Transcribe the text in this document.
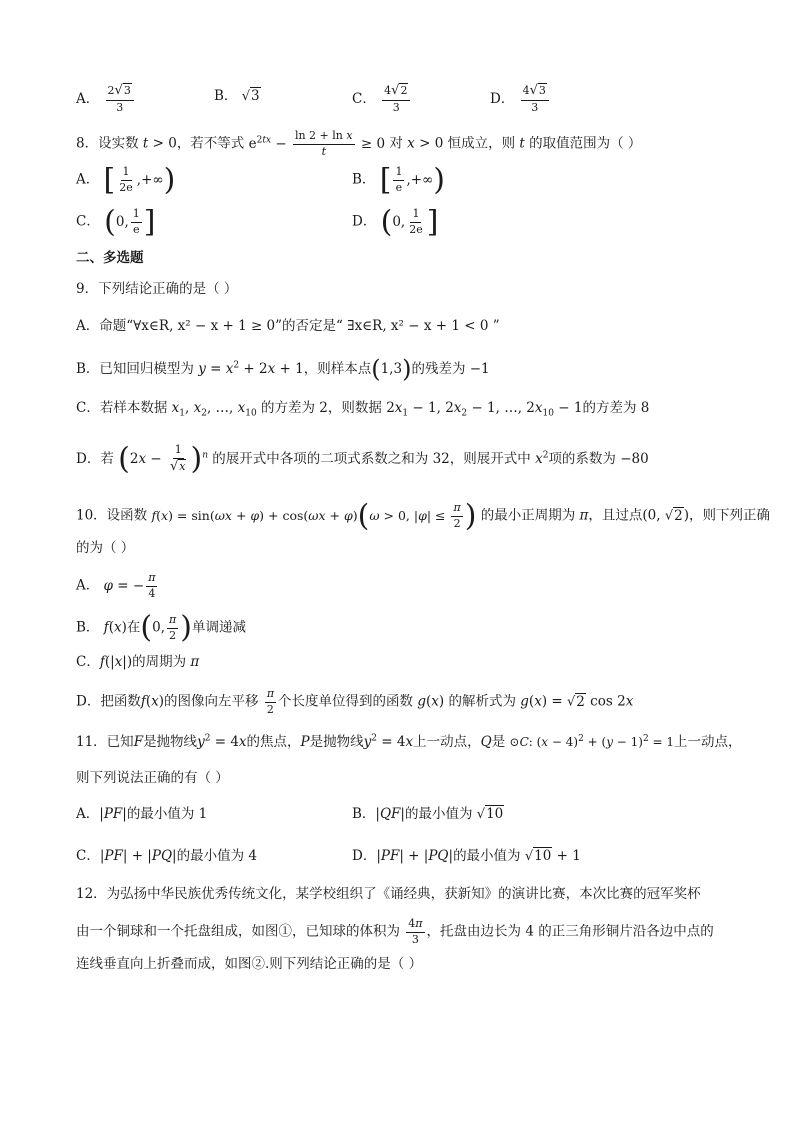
A． $\frac{2√3}{3}$	B． √3	C． $\frac{4√2}{3}$	D． $\frac{4√3}{3}$
8．设实数 t > 0，若不等式 $e^{2tx} - \frac{\text{ln 2 + ln x}}{t} \ge 0$ 对 x > 0 恒成立，则 t 的取值范围为（ ）
A． [ $\frac{1}{2e}$ ,+∞)	B． [ $\frac{1}{e}$ ,+∞)
C． (0, $\frac{1}{e}$ ]	D． (0, $\frac{1}{2e}$ ]
二、多选题
9．下列结论正确的是（ ）
A．命题“∀x∈R, x² − x + 1 ≥ 0”的否定是“ ∃x∈R, x² − x + 1 < 0 ”
B．已知回归模型为 $y = x^2 + 2x + 1$，则样本点(1,3)的残差为 −1
C．若样本数据 $x_1$, $x_2$, …, $x_{10}$ 的方差为 2，则数据 $2x_1 - 1$, $2x_2 - 1$, …, $2x_{10} - 1$的方差为 8
D．若 $(2x - \frac{1}{√x} )^n$ 的展开式中各项的二项式系数之和为 32，则展开式中 $x^2$项的系数为 −80
10．设函数 f(x) = sin(ωx + φ) + cos(ωx + φ)(ω > 0, $|\varphi| \le \frac{\pi}{2}$ ) 的最小正周期为 π，且过点(0, √2)，则下列正确
的为（ ）
A． φ = − $\frac{\pi}{4}$
B． f(x)在(0, $\frac{\pi}{2}$ )单调递减
C．f(|x|)的周期为 π
D．把函数f(x)的图像向左平移 $\frac{\pi}{2}$ 个长度单位得到的函数 g(x) 的解析式为 g(x) = √2 cos 2x
11．已知F是抛物线$y^2 = 4x$的焦点，P是抛物线$y^2 = 4x$上一动点，Q是 ⊙C: $(x - 4)^2 + (y - 1)^2 = 1$上一动点，
则下列说法正确的有（ ）
A．|PF|的最小值为 1	B．|QF|的最小值为 √10
C．|PF| + |PQ|的最小值为 4	D．|PF| + |PQ|的最小值为 √10 + 1
12．为弘扬中华民族优秀传统文化，某学校组织了《诵经典，获新知》的演讲比赛，本次比赛的冠军奖杯
由一个铜球和一个托盘组成，如图①，已知球的体积为 $\frac{4\pi}{3}$ ，托盘由边长为 4 的正三角形铜片沿各边中点的
连线垂直向上折叠而成，如图②.则下列结论正确的是（ ）
